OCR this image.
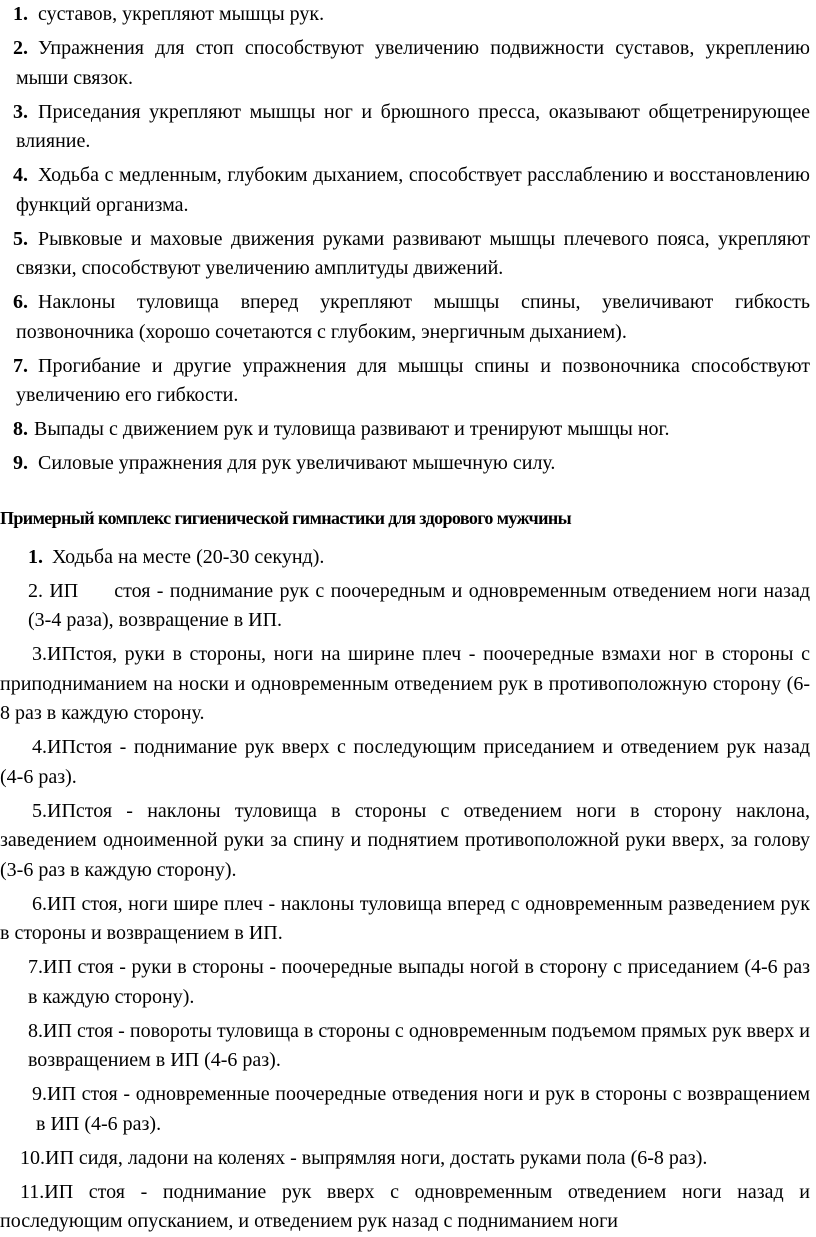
1. суставов, укрепляют мышцы рук.

2. Упражнения для стоп способствуют увеличению подвижности суставов, укреплению мыши связок.

3. Приседания укрепляют мышцы ног и брюшного пресса, оказывают общетренирующее влияние.

4. Ходьба с медленным, глубоким дыханием, способствует расслаблению и восстановлению функций организма.

5. Рывковые и маховые движения руками развивают мышцы плечевого пояса, укрепляют связки, способствуют увеличению амплитуды движений.

6. Наклоны туловища вперед укрепляют мышцы спины, увеличивают гибкость позвоночника (хорошо сочетаются с глубоким, энергичным дыханием).

7. Прогибание и другие упражнения для мышцы спины и позвоночника способствуют увеличению его гибкости.

8. Выпады с движением рук и туловища развивают и тренируют мышцы ног.

9. Силовые упражнения для рук увеличивают мышечную силу.

Примерный комплекс гигиенической гимнастики для здорового мужчины

1. Ходьба на месте (20-30 секунд).

2. ИП стоя - поднимание рук с поочередным и одновременным отведением ноги назад (3-4 раза), возвращение в ИП.

3.ИПстоя, руки в стороны, ноги на ширине плеч - поочередные взмахи ног в стороны с приподниманием на носки и одновременным отведением рук в противоположную сторону (6-8 раз в каждую сторону.

4.ИПстоя - поднимание рук вверх с последующим приседанием и отведением рук назад (4-6 раз).

5.ИПстоя - наклоны туловища в стороны с отведением ноги в сторону наклона, заведением одноименной руки за спину и поднятием противоположной руки вверх, за голову (3-6 раз в каждую сторону).

6.ИП стоя, ноги шире плеч - наклоны туловища вперед с одновременным разведением рук в стороны и возвращением в ИП.

7.ИП стоя - руки в стороны - поочередные выпады ногой в сторону с приседанием (4-6 раз в каждую сторону).

8.ИП стоя - повороты туловища в стороны с одновременным подъемом прямых рук вверх и возвращением в ИП (4-6 раз).

9.ИП стоя - одновременные поочередные отведения ноги и рук в стороны с возвращениемв ИП (4-6 раз).

10.ИП сидя, ладони на коленях - выпрямляя ноги, достать руками пола (6-8 раз).

11.ИП стоя - поднимание рук вверх с одновременным отведением ноги назад и последующим опусканием, и отведением рук назад с подниманием ноги
